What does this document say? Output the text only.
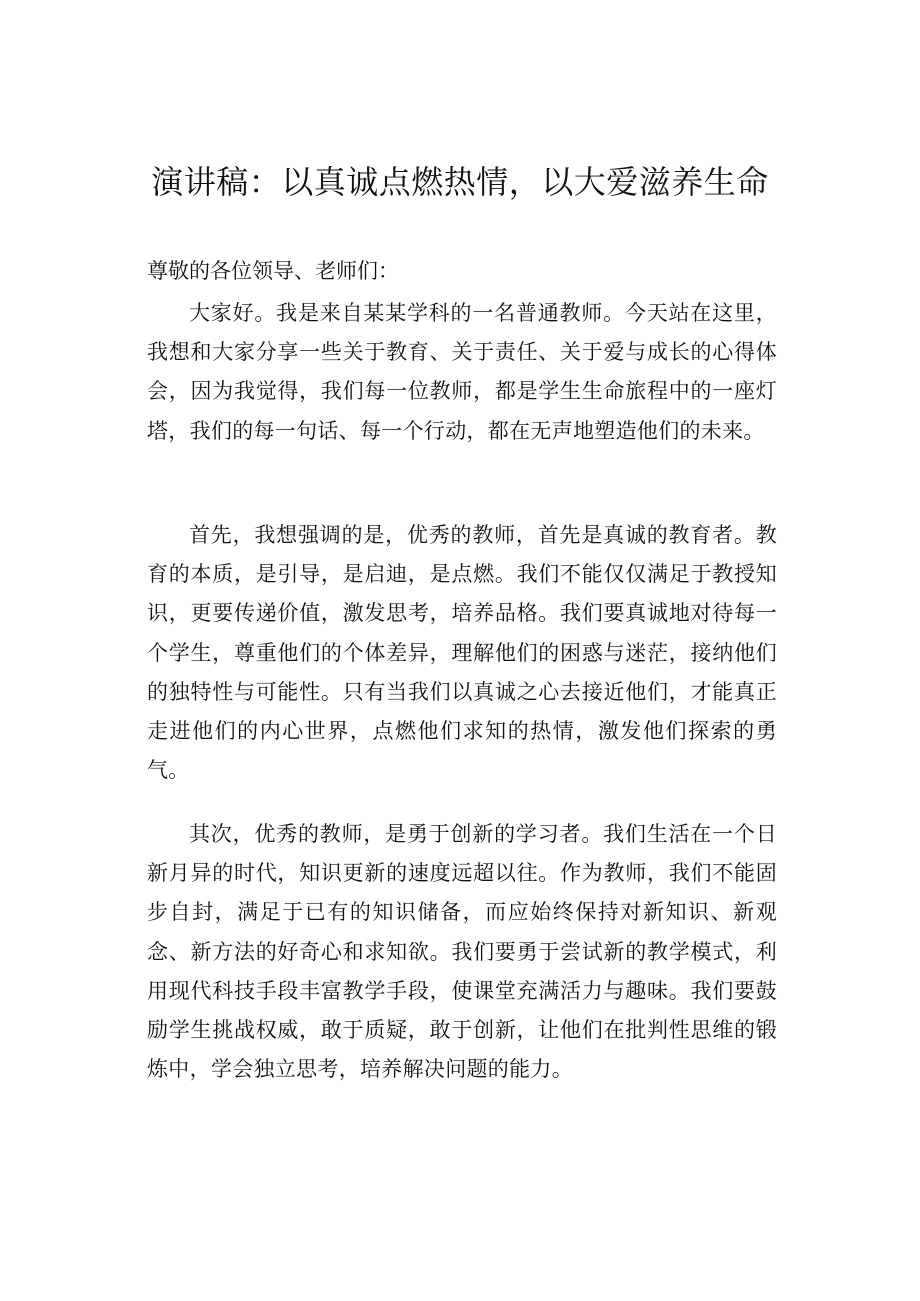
演讲稿：以真诚点燃热情，以大爱滋养生命

尊敬的各位领导、老师们：

大家好。我是来自某某学科的一名普通教师。今天站在这里，我想和大家分享一些关于教育、关于责任、关于爱与成长的心得体会，因为我觉得，我们每一位教师，都是学生生命旅程中的一座灯塔，我们的每一句话、每一个行动，都在无声地塑造他们的未来。

首先，我想强调的是，优秀的教师，首先是真诚的教育者。教育的本质，是引导，是启迪，是点燃。我们不能仅仅满足于教授知识，更要传递价值，激发思考，培养品格。我们要真诚地对待每一个学生，尊重他们的个体差异，理解他们的困惑与迷茫，接纳他们的独特性与可能性。只有当我们以真诚之心去接近他们，才能真正走进他们的内心世界，点燃他们求知的热情，激发他们探索的勇气。

其次，优秀的教师，是勇于创新的学习者。我们生活在一个日新月异的时代，知识更新的速度远超以往。作为教师，我们不能固步自封，满足于已有的知识储备，而应始终保持对新知识、新观念、新方法的好奇心和求知欲。我们要勇于尝试新的教学模式，利用现代科技手段丰富教学手段，使课堂充满活力与趣味。我们要鼓励学生挑战权威，敢于质疑，敢于创新，让他们在批判性思维的锻炼中，学会独立思考，培养解决问题的能力。
